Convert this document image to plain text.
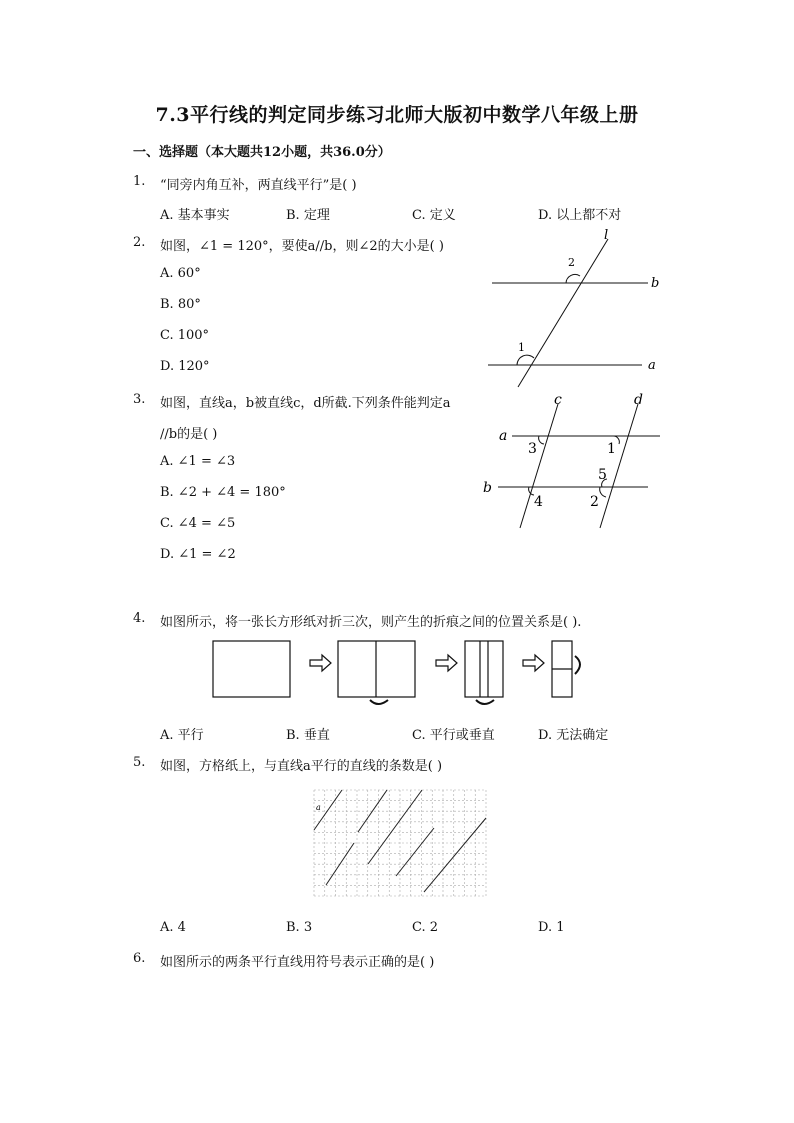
7.3平行线的判定同步练习北师大版初中数学八年级上册
一、选择题（本大题共12小题，共36.0分）
1. “同旁内角互补，两直线平行”是( )
A. 基本事实	B. 定理	C. 定义	D. 以上都不对
2. 如图，∠1 = 120°，要使a//b，则∠2的大小是( )
A. 60°
B. 80°
C. 100°
D. 120°
l
b
a
1
2
3. 如图，直线a，b被直线c，d所截.下列条件能判定a
//b的是( )
A. ∠1 = ∠3
B. ∠2 + ∠4 = 180°
C. ∠4 = ∠5
D. ∠1 = ∠2
a
b
c	d
1
2
3
4
5
4. 如图所示，将一张长方形纸对折三次，则产生的折痕之间的位置关系是( ).
A. 平行	B. 垂直	C. 平行或垂直	D. 无法确定
5. 如图，方格纸上，与直线a平行的直线的条数是( )
a
A. 4	B. 3	C. 2	D. 1
6. 如图所示的两条平行直线用符号表示正确的是( )
